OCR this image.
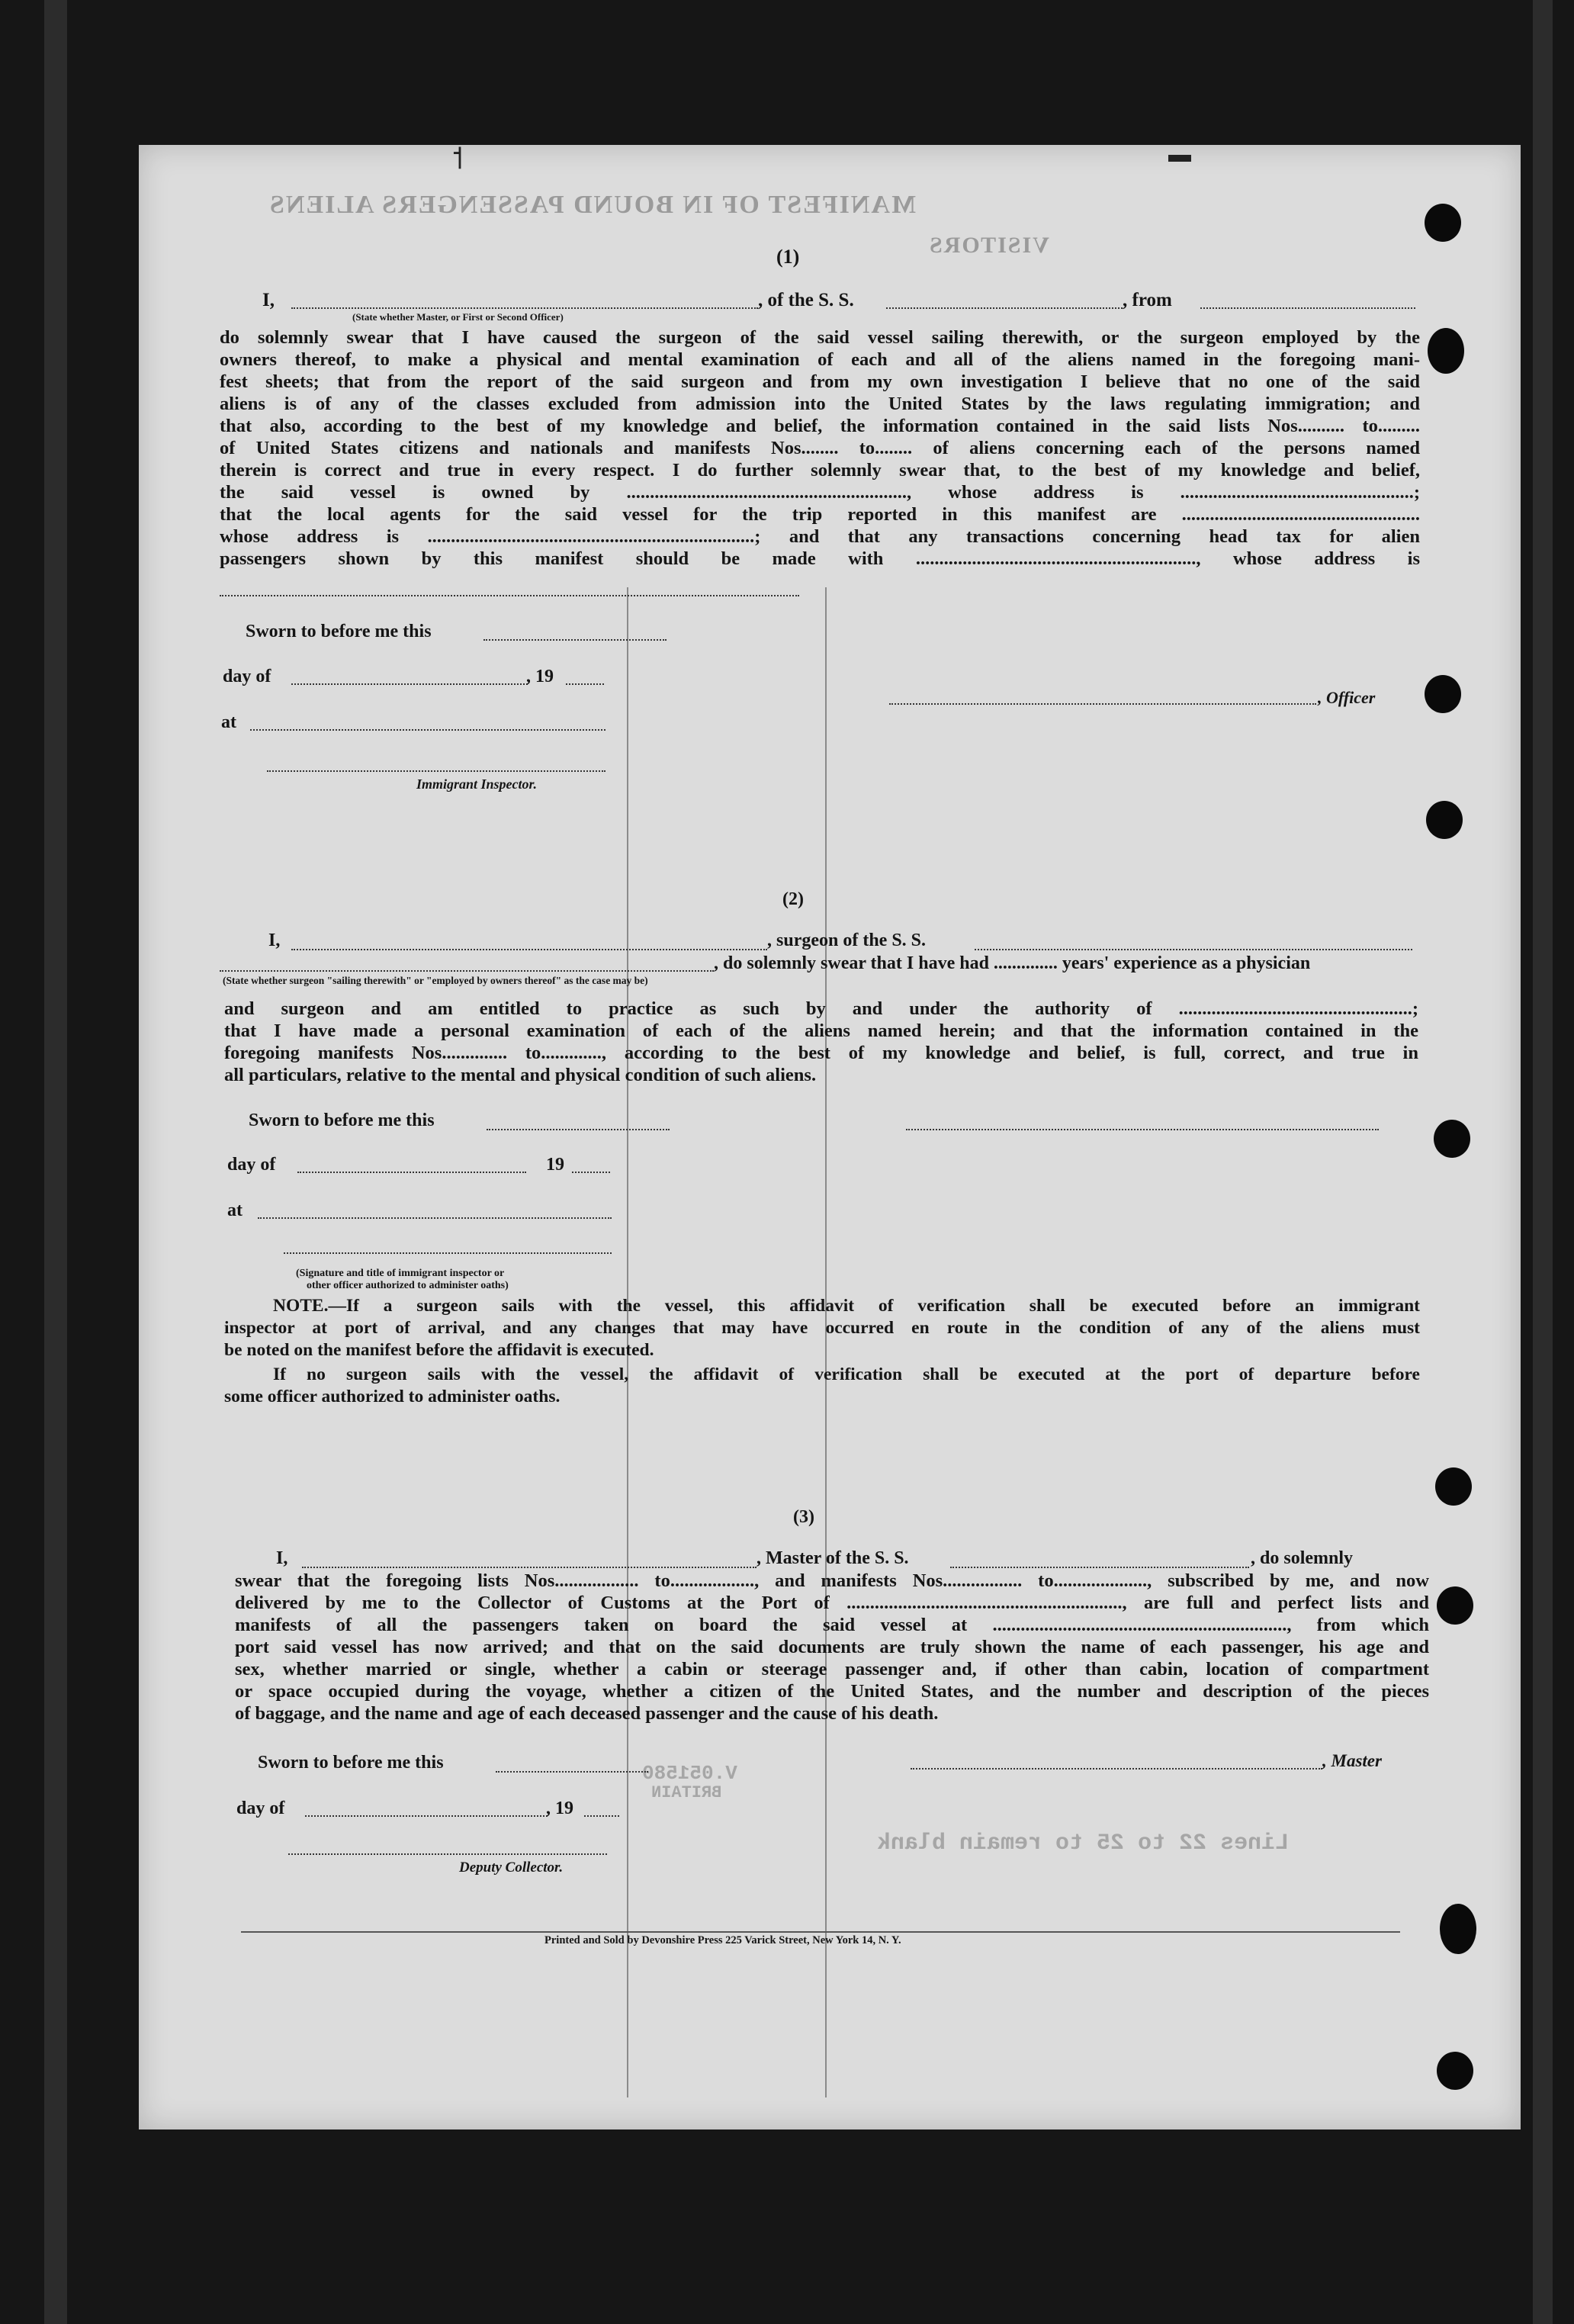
MANIFEST OF IN BOUND PASSENGERS ALIENS
VISITORS
Lines 22 to 25 to remain blank
V.051580
BRITAIN
˦	▬
(1)
I,	, of the S. S.	, from
(State whether Master, or First or Second Officer)
do solemnly swear that I have caused the surgeon of the said vessel sailing therewith, or the surgeon employed by the
owners thereof, to make a physical and mental examination of each and all of the aliens named in the foregoing mani-
fest sheets; that from the report of the said surgeon and from my own investigation I believe that no one of the said
aliens is of any of the classes excluded from admission into the United States by the laws regulating immigration; and
that also, according to the best of my knowledge and belief, the information contained in the said lists Nos.......... to.........
of United States citizens and nationals and manifests Nos........ to........ of aliens concerning each of the persons named
therein is correct and true in every respect. I do further solemnly swear that, to the best of my knowledge and belief,
the said vessel is owned by ............................................................, whose address is ..................................................;
that the local agents for the said vessel for the trip reported in this manifest are ...................................................
whose address is ......................................................................; and that any transactions concerning head tax for alien
passengers shown by this manifest should be made with ............................................................, whose address is
Sworn to before me this
day of	, 19
at
, Officer
Immigrant Inspector.
(2)
I,	, surgeon of the S. S.
, do solemnly swear that I have had .............. years' experience as a physician
(State whether surgeon "sailing therewith" or "employed by owners thereof" as the case may be)
and surgeon and am entitled to practice as such by and under the authority of ..................................................;
that I have made a personal examination of each of the aliens named herein; and that the information contained in the
foregoing manifests Nos.............. to............., according to the best of my knowledge and belief, is full, correct, and true in
all particulars, relative to the mental and physical condition of such aliens.
Sworn to before me this
day of	19
at
(Signature and title of immigrant inspector or
other officer authorized to administer oaths)
NOTE.—If a surgeon sails with the vessel, this affidavit of verification shall be executed before an immigrant
inspector at port of arrival, and any changes that may have occurred en route in the condition of any of the aliens must
be noted on the manifest before the affidavit is executed.
If no surgeon sails with the vessel, the affidavit of verification shall be executed at the port of departure before
some officer authorized to administer oaths.
(3)
I,	, Master of the S. S.	, do solemnly
swear that the foregoing lists Nos.................. to.................., and manifests Nos................. to...................., subscribed by me, and now
delivered by me to the Collector of Customs at the Port of ..........................................................., are full and perfect lists and
manifests of all the passengers taken on board the said vessel at ..............................................................., from which
port said vessel has now arrived; and that on the said documents are truly shown the name of each passenger, his age and
sex, whether married or single, whether a cabin or steerage passenger and, if other than cabin, location of compartment
or space occupied during the voyage, whether a citizen of the United States, and the number and description of the pieces
of baggage, and the name and age of each deceased passenger and the cause of his death.
Sworn to before me this
day of	, 19
, Master
Deputy Collector.
Printed and Sold by Devonshire Press 225 Varick Street, New York 14, N. Y.
